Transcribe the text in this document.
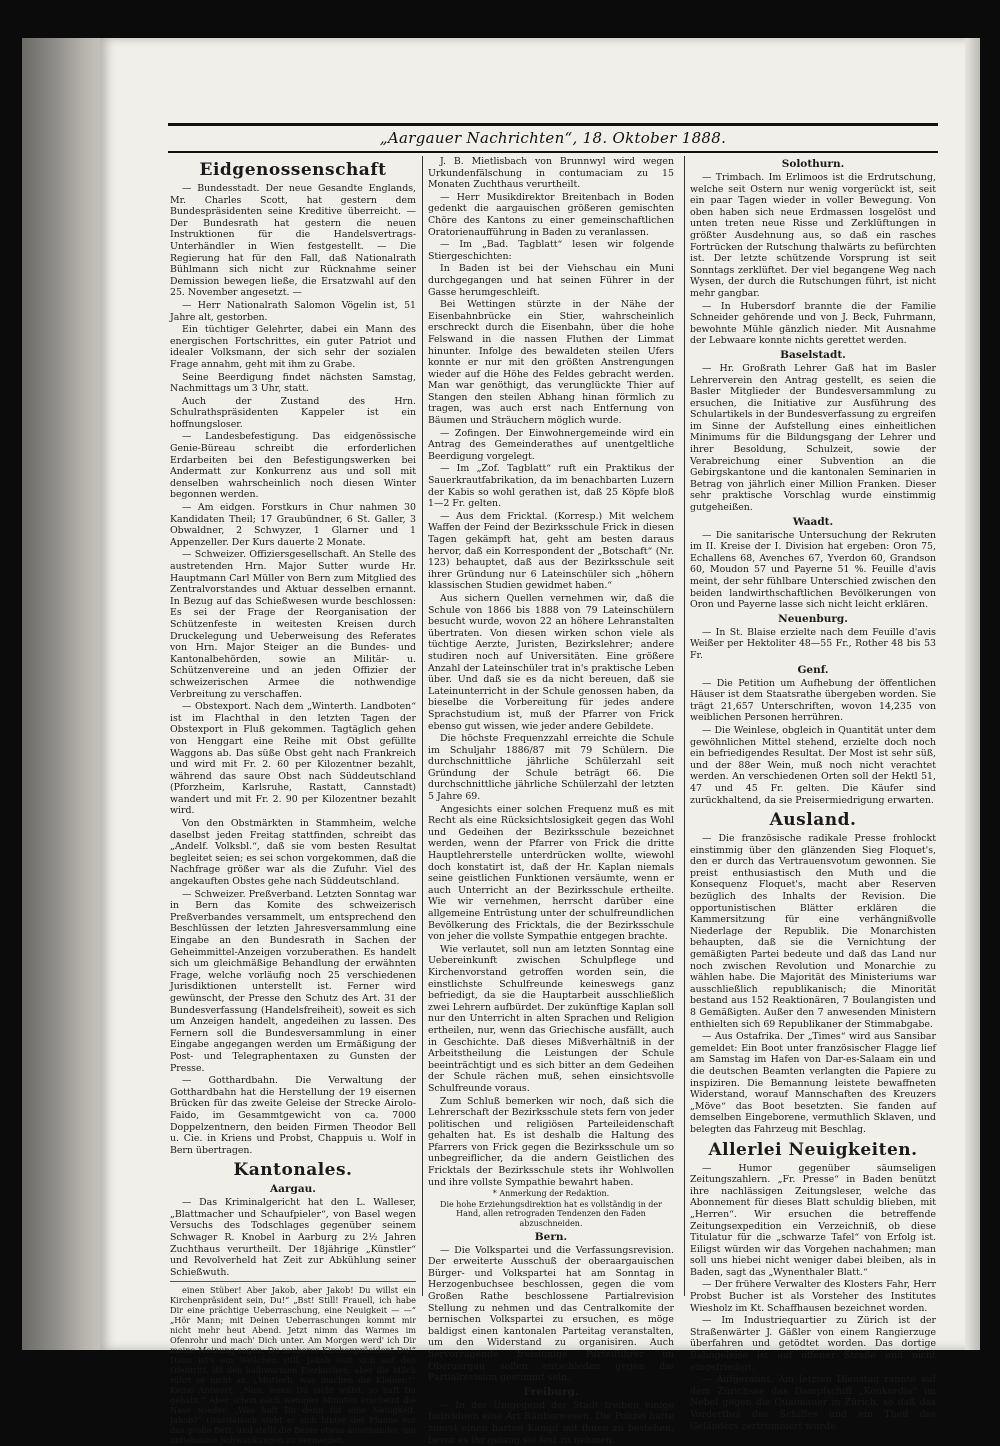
„Aargauer Nachrichten“, 18. Oktober 1888.
Eidgenossenschaft

— Bundesstadt. Der neue Gesandte Englands, Mr. Charles Scott, hat gestern dem Bundespräsidenten seine Kreditive überreicht. — Der Bundesrath hat gestern die neuen Instruktionen für die Handelsvertrags-Unterhändler in Wien festgestellt. — Die Regierung hat für den Fall, daß Nationalrath Bühlmann sich nicht zur Rücknahme seiner Demission bewegen ließe, die Ersatzwahl auf den 25. November angesetzt. —

— Herr Nationalrath Salomon Vögelin ist, 51 Jahre alt, gestorben.

Ein tüchtiger Gelehrter, dabei ein Mann des energischen Fortschrittes, ein guter Patriot und idealer Volksmann, der sich sehr der sozialen Frage annahm, geht mit ihm zu Grabe.

Seine Beerdigung findet nächsten Samstag, Nachmittags um 3 Uhr, statt.

Auch der Zustand des Hrn. Schulrathspräsidenten Kappeler ist ein hoffnungsloser.

— Landesbefestigung. Das eidgenössische Genie-Büreau schreibt die erforderlichen Erdarbeiten bei den Befestigungswerken bei Andermatt zur Konkurrenz aus und soll mit denselben wahrscheinlich noch diesen Winter begonnen werden.

— Am eidgen. Forstkurs in Chur nahmen 30 Kandidaten Theil; 17 Graubündner, 6 St. Galler, 3 Obwaldner, 2 Schwyzer, 1 Glarner und 1 Appenzeller. Der Kurs dauerte 2 Monate.

— Schweizer. Offiziersgesellschaft. An Stelle des austretenden Hrn. Major Sutter wurde Hr. Hauptmann Carl Müller von Bern zum Mitglied des Zentralvorstandes und Aktuar desselben ernannt. In Bezug auf das Schießwesen wurde beschlossen: Es sei der Frage der Reorganisation der Schützenfeste in weitesten Kreisen durch Druckelegung und Ueberweisung des Referates von Hrn. Major Steiger an die Bundes- und Kantonalbehörden, sowie an Militär- u. Schützenvereine und an jeden Offizier der schweizerischen Armee die nothwendige Verbreitung zu verschaffen.

— Obstexport. Nach dem „Winterth. Landboten“ ist im Flachthal in den letzten Tagen der Obstexport in Fluß gekommen. Tagtäglich gehen von Henggart eine Reihe mit Obst gefüllte Waggons ab. Das süße Obst geht nach Frankreich und wird mit Fr. 2. 60 per Kilozentner bezahlt, während das saure Obst nach Süddeutschland (Pforzheim, Karlsruhe, Rastatt, Cannstadt) wandert und mit Fr. 2. 90 per Kilozentner bezahlt wird.

Von den Obstmärkten in Stammheim, welche daselbst jeden Freitag stattfinden, schreibt das „Andelf. Volksbl.“, daß sie vom besten Resultat begleitet seien; es sei schon vorgekommen, daß die Nachfrage größer war als die Zufuhr. Viel des angekauften Obstes gehe nach Süddeutschland.

— Schweizer. Preßverband. Letzten Sonntag war in Bern das Komite des schweizerisch Preßverbandes versammelt, um entsprechend den Beschlüssen der letzten Jahresversammlung eine Eingabe an den Bundesrath in Sachen der Geheimmittel-Anzeigen vorzuberathen. Es handelt sich um gleichmäßige Behandlung der erwähnten Frage, welche vorläufig noch 25 verschiedenen Jurisdiktionen unterstellt ist. Ferner wird gewünscht, der Presse den Schutz des Art. 31 der Bundesverfassung (Handelsfreiheit), soweit es sich um Anzeigen handelt, angedeihen zu lassen. Des Fernern soll die Bundesversammlung in einer Eingabe angegangen werden um Ermäßigung der Post- und Telegraphentaxen zu Gunsten der Presse.

— Gotthardbahn. Die Verwaltung der Gotthardbahn hat die Herstellung der 19 eisernen Brücken für das zweite Geleise der Strecke Airolo-Faido, im Gesammtgewicht von ca. 7000 Doppelzentnern, den beiden Firmen Theodor Bell u. Cie. in Kriens und Probst, Chappuis u. Wolf in Bern übertragen.

Kantonales.
Aargau.

— Das Kriminalgericht hat den L. Walleser, „Blattmacher und Schaufpieler“, von Basel wegen Versuchs des Todschlages gegenüber seinem Schwager R. Knobel in Aarburg zu 2½ Jahren Zuchthaus verurtheilt. Der 18jährige „Künstler“ und Revolverheld hat Zeit zur Abkühlung seiner Schießwuth.

einen Stüber! Aber Jakob, aber Jakob! Du willst ein Kirchenpräsident sein, Du!“ „Bst! Still! Frauell, ich habe Dir eine prächtige Ueberraschung, eine Neuigkeit — —“ „Hör Mann; mit Deinen Ueberraschungen kommt mir nicht mehr heut Abend. Jetzt nimm das Warmes im Ofenrohr und mach' Dich unter. Am Morgen werd' ich Dir meine Meinung sagen; Du sauberer Kirchenpräsident Du!“ Dann ist's ein Weilchen still. Jakob sezt sich auf den Ofentritt, ißt den halbwarmen Eierkuchen; aber die Milch rührt er nicht an. „Mutterli, was machen die Kleinen?“ Keine Antwort. „Nun, wenn Du nicht willst, so haft Du gehabt.“ Aber schon nach wenigen Minuten erscheint die Nase wieder. „Was haft Du denn für eine Neuigkeit, Jakob?“ Gravitätisch steht er sich hinter der Pfanne vor das große Bett, und stellt die Beine etwas auseinander, um unliebsame Schwankungen zu vermeiden.

J. B. Mietlisbach von Brunnwyl wird wegen Urkundenfälschung in contumaciam zu 15 Monaten Zuchthaus verurtheilt.

— Herr Musikdirektor Breitenbach in Boden gedenkt die aargauischen größeren gemischten Chöre des Kantons zu einer gemeinschaftlichen Oratorienaufführung in Baden zu veranlassen.

— Im „Bad. Tagblatt“ lesen wir folgende Stiergeschichten:

In Baden ist bei der Viehschau ein Muni durchgegangen und hat seinen Führer in der Gasse herumgeschleift.

Bei Wettingen stürzte in der Nähe der Eisenbahnbrücke ein Stier, wahrscheinlich erschreckt durch die Eisenbahn, über die hohe Felswand in die nassen Fluthen der Limmat hinunter. Infolge des bewaldeten steilen Ufers konnte er nur mit den größten Anstrengungen wieder auf die Höhe des Feldes gebracht werden. Man war genöthigt, das verunglückte Thier auf Stangen den steilen Abhang hinan förmlich zu tragen, was auch erst nach Entfernung von Bäumen und Sträuchern möglich wurde.

— Zofingen. Der Einwohnergemeinde wird ein Antrag des Gemeinderathes auf unentgeltliche Beerdigung vorgelegt.

— Im „Zof. Tagblatt“ ruft ein Praktikus der Sauerkrautfabrikation, da im benachbarten Luzern der Kabis so wohl gerathen ist, daß 25 Köpfe bloß 1—2 Fr. gelten.

— Aus dem Fricktal. (Korresp.) Mit welchem Waffen der Feind der Bezirksschule Frick in diesen Tagen gekämpft hat, geht am besten daraus hervor, daß ein Korrespondent der „Botschaft“ (Nr. 123) behauptet, daß aus der Bezirksschule seit ihrer Gründung nur 6 Lateinschüler sich „höhern klassischen Studien gewidmet haben.“

Aus sichern Quellen vernehmen wir, daß die Schule von 1866 bis 1888 von 79 Lateinschülern besucht wurde, wovon 22 an höhere Lehranstalten übertraten. Von diesen wirken schon viele als tüchtige Aerzte, Juristen, Bezirkslehrer; andere studiren noch auf Universitäten. Eine größere Anzahl der Lateinschüler trat in's praktische Leben über. Und daß sie es da nicht bereuen, daß sie Lateinunterricht in der Schule genossen haben, da bieselbe die Vorbereitung für jedes andere Sprachstudium ist, muß der Pfarrer von Frick ebenso gut wissen, wie jeder andere Gebildete.

Die höchste Frequenzzahl erreichte die Schule im Schuljahr 1886/87 mit 79 Schülern. Die durchschnittliche jährliche Schülerzahl seit Gründung der Schule beträgt 66. Die durchschnittliche jährliche Schülerzahl der letzten 5 Jahre 69.

Angesichts einer solchen Frequenz muß es mit Recht als eine Rücksichtslosigkeit gegen das Wohl und Gedeihen der Bezirksschule bezeichnet werden, wenn der Pfarrer von Frick die dritte Hauptlehrerstelle unterdrücken wollte, wiewohl doch konstatirt ist, daß der Hr. Kaplan niemals seine geistlichen Funktionen versäumte, wenn er auch Unterricht an der Bezirksschule ertheilte. Wie wir vernehmen, herrscht darüber eine allgemeine Entrüstung unter der schulfreundlichen Bevölkerung des Fricktals, die der Bezirksschule von jeher die vollste Sympathie entgegen brachte.

Wie verlautet, soll nun am letzten Sonntag eine Uebereinkunft zwischen Schulpflege und Kirchenvorstand getroffen worden sein, die einstlichste Schulfreunde keineswegs ganz befriedigt, da sie die Hauptarbeit ausschließlich zwei Lehrern aufbürdet. Der zukünftige Kaplan soll nur den Unterricht in alten Sprachen und Religion ertheilen, nur, wenn das Griechische ausfällt, auch in Geschichte. Daß dieses Mißverhältniß in der Arbeitstheilung die Leistungen der Schule beeinträchtigt und es sich bitter an dem Gedeihen der Schule rächen muß, sehen einsichtsvolle Schulfreunde voraus.

Zum Schluß bemerken wir noch, daß sich die Lehrerschaft der Bezirksschule stets fern von jeder politischen und religiösen Parteileidenschaft gehalten hat. Es ist deshalb die Haltung des Pfarrers von Frick gegen die Bezirksschule um so unbegreiflicher, da die andern Geistlichen des Fricktals der Bezirksschule stets ihr Wohlwollen und ihre vollste Sympathie bewahrt haben.

* Anmerkung der Redaktion.
Die hohe Erziehungsdirektion hat es vollständig in der Hand, allen retrograden Tendenzen den Faden abzuschneiden.
Bern.

— Die Volkspartei und die Verfassungsrevision. Der erweiterte Ausschuß der oberaargauischen Bürger- und Volkspartei hat am Sonntag in Herzogenbuchsee beschlossen, gegen die vom Großen Rathe beschlossene Partialrevision Stellung zu nehmen und das Centralkomite der bernischen Volkspartei zu ersuchen, es möge baldigst einen kantonalen Parteitag veranstalten, um den Widerstand zu organisiren. Auch hervorragende freisinnige Parteiführer im Oberaargau sollen entschieden gegen die Partialrevision gestimmt sein.

Freiburg.

— In der Umgegend der Stadt treiben einige Individuen eine Art Räuberwesen. Die Polizei hatte zuerst einen harten Kampf mit ihnen zu bestehen, bevor es ihr gelang sie fest zu nehmen.

Solothurn.

— Trimbach. Im Erlimoos ist die Erdrutschung, welche seit Ostern nur wenig vorgerückt ist, seit ein paar Tagen wieder in voller Bewegung. Von oben haben sich neue Erdmassen losgelöst und unten treten neue Risse und Zerklüftungen in größter Ausdehnung aus, so daß ein rasches Fortrücken der Rutschung thalwärts zu befürchten ist. Der letzte schützende Vorsprung ist seit Sonntags zerklüftet. Der viel begangene Weg nach Wysen, der durch die Rutschungen führt, ist nicht mehr gangbar.

— In Hubersdorf brannte die der Familie Schneider gehörende und von J. Beck, Fuhrmann, bewohnte Mühle gänzlich nieder. Mit Ausnahme der Lebwaare konnte nichts gerettet werden.

Baselstadt.

— Hr. Großrath Lehrer Gaß hat im Basler Lehrerverein den Antrag gestellt, es seien die Basler Mitglieder der Bundesversammlung zu ersuchen, die Initiative zur Ausführung des Schulartikels in der Bundesverfassung zu ergreifen im Sinne der Aufstellung eines einheitlichen Minimums für die Bildungsgang der Lehrer und ihrer Besoldung, Schulzeit, sowie der Verabreichung einer Subvention an die Gebirgskantone und die kantonalen Seminarien in Betrag von jährlich einer Million Franken. Dieser sehr praktische Vorschlag wurde einstimmig gutgeheißen.

Waadt.

— Die sanitarische Untersuchung der Rekruten im II. Kreise der I. Division hat ergeben: Oron 75, Echallens 68, Avenches 67, Yverdon 60, Grandson 60, Moudon 57 und Payerne 51 %. Feuille d'avis meint, der sehr fühlbare Unterschied zwischen den beiden landwirthschaftlichen Bevölkerungen von Oron und Payerne lasse sich nicht leicht erklären.

Neuenburg.

— In St. Blaise erzielte nach dem Feuille d'avis Weißer per Hektoliter 48—55 Fr., Rother 48 bis 53 Fr.

Genf.

— Die Petition um Aufhebung der öffentlichen Häuser ist dem Staatsrathe übergeben worden. Sie trägt 21,657 Unterschriften, wovon 14,235 von weiblichen Personen herrühren.

— Die Weinlese, obgleich in Quantität unter dem gewöhnlichen Mittel stehend, erzielte doch noch ein befriedigendes Resultat. Der Most ist sehr süß, und der 88er Wein, muß noch nicht verachtet werden. An verschiedenen Orten soll der Hektl 51, 47 und 45 Fr. gelten. Die Käufer sind zurückhaltend, da sie Preisermiedrigung erwarten.

Ausland.

— Die französische radikale Presse frohlockt einstimmig über den glänzenden Sieg Floquet's, den er durch das Vertrauensvotum gewonnen. Sie preist enthusiastisch den Muth und die Konsequenz Floquet's, macht aber Reserven bezüglich des Inhalts der Revision. Die opportunistischen Blätter erklären die Kammersitzung für eine verhängnißvolle Niederlage der Republik. Die Monarchisten behaupten, daß sie die Vernichtung der gemäßigten Partei bedeute und daß das Land nur noch zwischen Revolution und Monarchie zu wählen habe. Die Majorität des Ministeriums war ausschließlich republikanisch; die Minorität bestand aus 152 Reaktionären, 7 Boulangisten und 8 Gemäßigten. Außer den 7 anwesenden Ministern enthielten sich 69 Republikaner der Stimmabgabe.

— Aus Ostafrika. Der „Times“ wird aus Sansibar gemeldet: Ein Boot unter französischer Flagge lief am Samstag im Hafen von Dar-es-Salaam ein und die deutschen Beamten verlangten die Papiere zu inspiziren. Die Bemannung leistete bewaffneten Widerstand, worauf Mannschaften des Kreuzers „Möve“ das Boot besetzten. Sie fanden auf demselben Eingeborene, vermuthlich Sklaven, und belegten das Fahrzeug mit Beschlag.

Allerlei Neuigkeiten.

— Humor gegenüber säumseligen Zeitungszahlern. „Fr. Presse“ in Baden benützt ihre nachlässigen Zeitungsleser, welche das Abonnement für dieses Blatt schuldig blieben, mit „Herren“. Wir ersuchen die betreffende Zeitungsexpedition ein Verzeichniß, ob diese Titulatur für die „schwarze Tafel“ von Erfolg ist. Eiligst würden wir das Vorgehen nachahmen; man soll uns hiebei nicht weniger dabei bleiben, als in Baden, sagt das „Wynenthaler Blatt.“

— Der frühere Verwalter des Klosters Fahr, Herr Probst Bucher ist als Vorsteher des Institutes Wiesholz im Kt. Schaffhausen bezeichnet worden.

— Im Industriequartier zu Zürich ist der Straßenwärter J. Gäßler von einem Rangierzuge überfahren und getödtet worden. Das dortige Bahngeleise ist auf offener Straße und nicht eingefriedigt.

— Aufgerannt. Am letzten Dienstag rannte auf dem Zürichsee das Dampfschiff „Konkordia“ im Nebel gegen die Quaimauer in Zürich, so daß das Vorderthel des Schiffes und ein Theil des Geländers zertrümmert wurde.
